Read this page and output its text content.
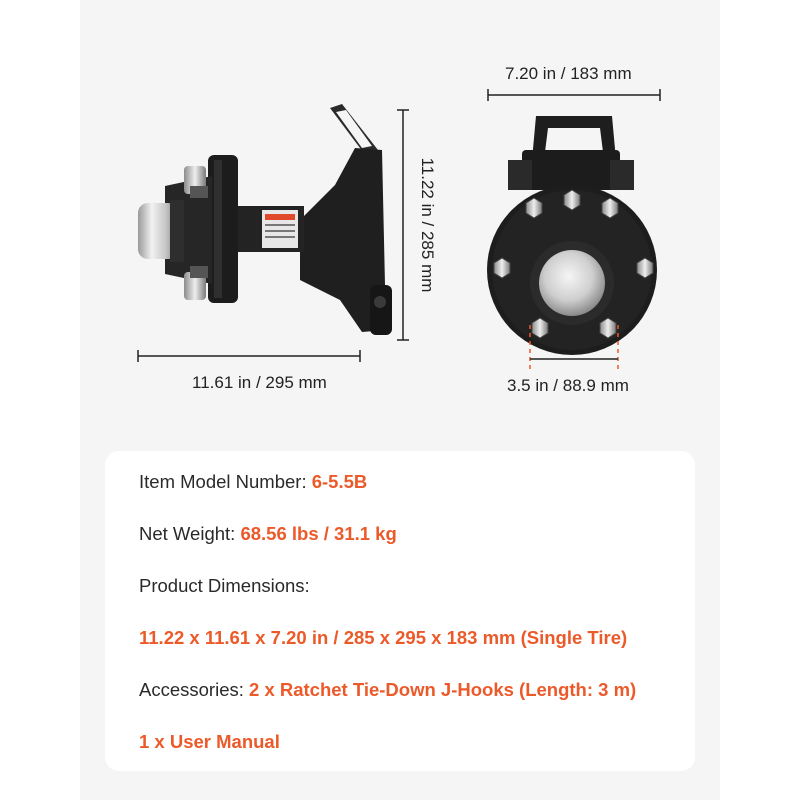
7.20 in / 183 mm
11.22 in / 285 mm
11.61 in / 295 mm	3.5 in / 88.9 mm
Item Model Number: 6-5.5B
Net Weight: 68.56 lbs / 31.1 kg
Product Dimensions:
11.22 x 11.61 x 7.20 in / 285 x 295 x 183 mm (Single Tire)
Accessories: 2 x Ratchet Tie-Down J-Hooks (Length: 3 m)
1 x User Manual
